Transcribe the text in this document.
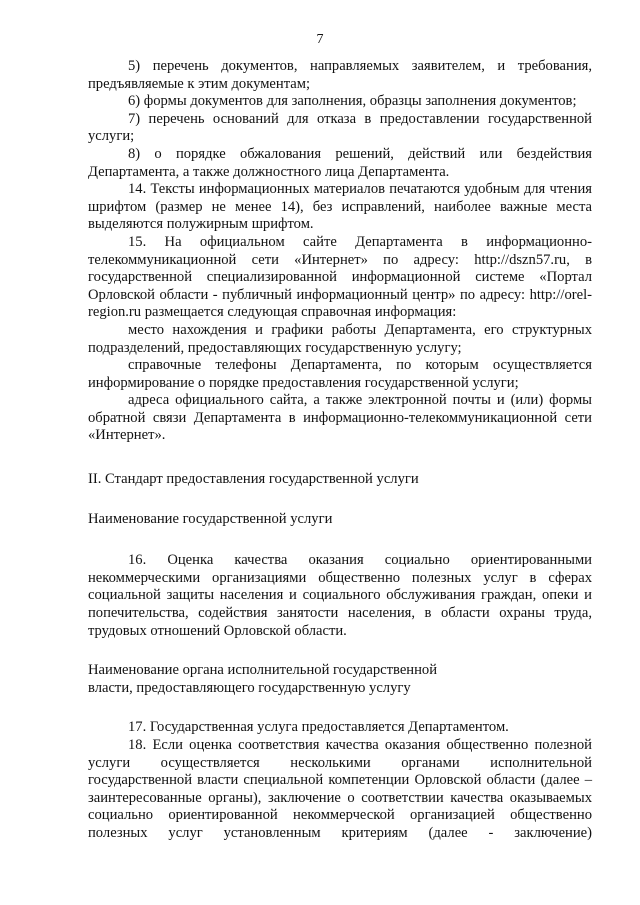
7

5) перечень документов, направляемых заявителем, и требования, предъявляемые к этим документам;

6) формы документов для заполнения, образцы заполнения документов;

7) перечень оснований для отказа в предоставлении государственной услуги;

8) о порядке обжалования решений, действий или бездействия Департамента, а также должностного лица Департамента.

14. Тексты информационных материалов печатаются удобным для чтения шрифтом (размер не менее 14), без исправлений, наиболее важные места выделяются полужирным шрифтом.

15. На официальном сайте Департамента в информационно-телекоммуникационной сети «Интернет» по адресу: http://dszn57.ru, в государственной специализированной информационной системе «Портал Орловской области - публичный информационный центр» по адресу: http://orel-region.ru размещается следующая справочная информация:

место нахождения и графики работы Департамента, его структурных подразделений, предоставляющих государственную услугу;

справочные телефоны Департамента, по которым осуществляется информирование о порядке предоставления государственной услуги;

адреса официального сайта, а также электронной почты и (или) формы обратной связи Департамента в информационно-телекоммуникационной сети «Интернет».

II. Стандарт предоставления государственной услуги

Наименование государственной услуги

16. Оценка качества оказания социально ориентированными некоммерческими организациями общественно полезных услуг в сферах социальной защиты населения и социального обслуживания граждан, опеки и попечительства, содействия занятости населения, в области охраны труда, трудовых отношений Орловской области.

Наименование органа исполнительной государственной

власти, предоставляющего государственную услугу

17. Государственная услуга предоставляется Департаментом.

18. Если оценка соответствия качества оказания общественно полезной услуги осуществляется несколькими органами исполнительной государственной власти специальной компетенции Орловской области (далее – заинтересованные органы), заключение о соответствии качества оказываемых социально ориентированной некоммерческой организацией общественно полезных услуг установленным критериям (далее - заключение)
